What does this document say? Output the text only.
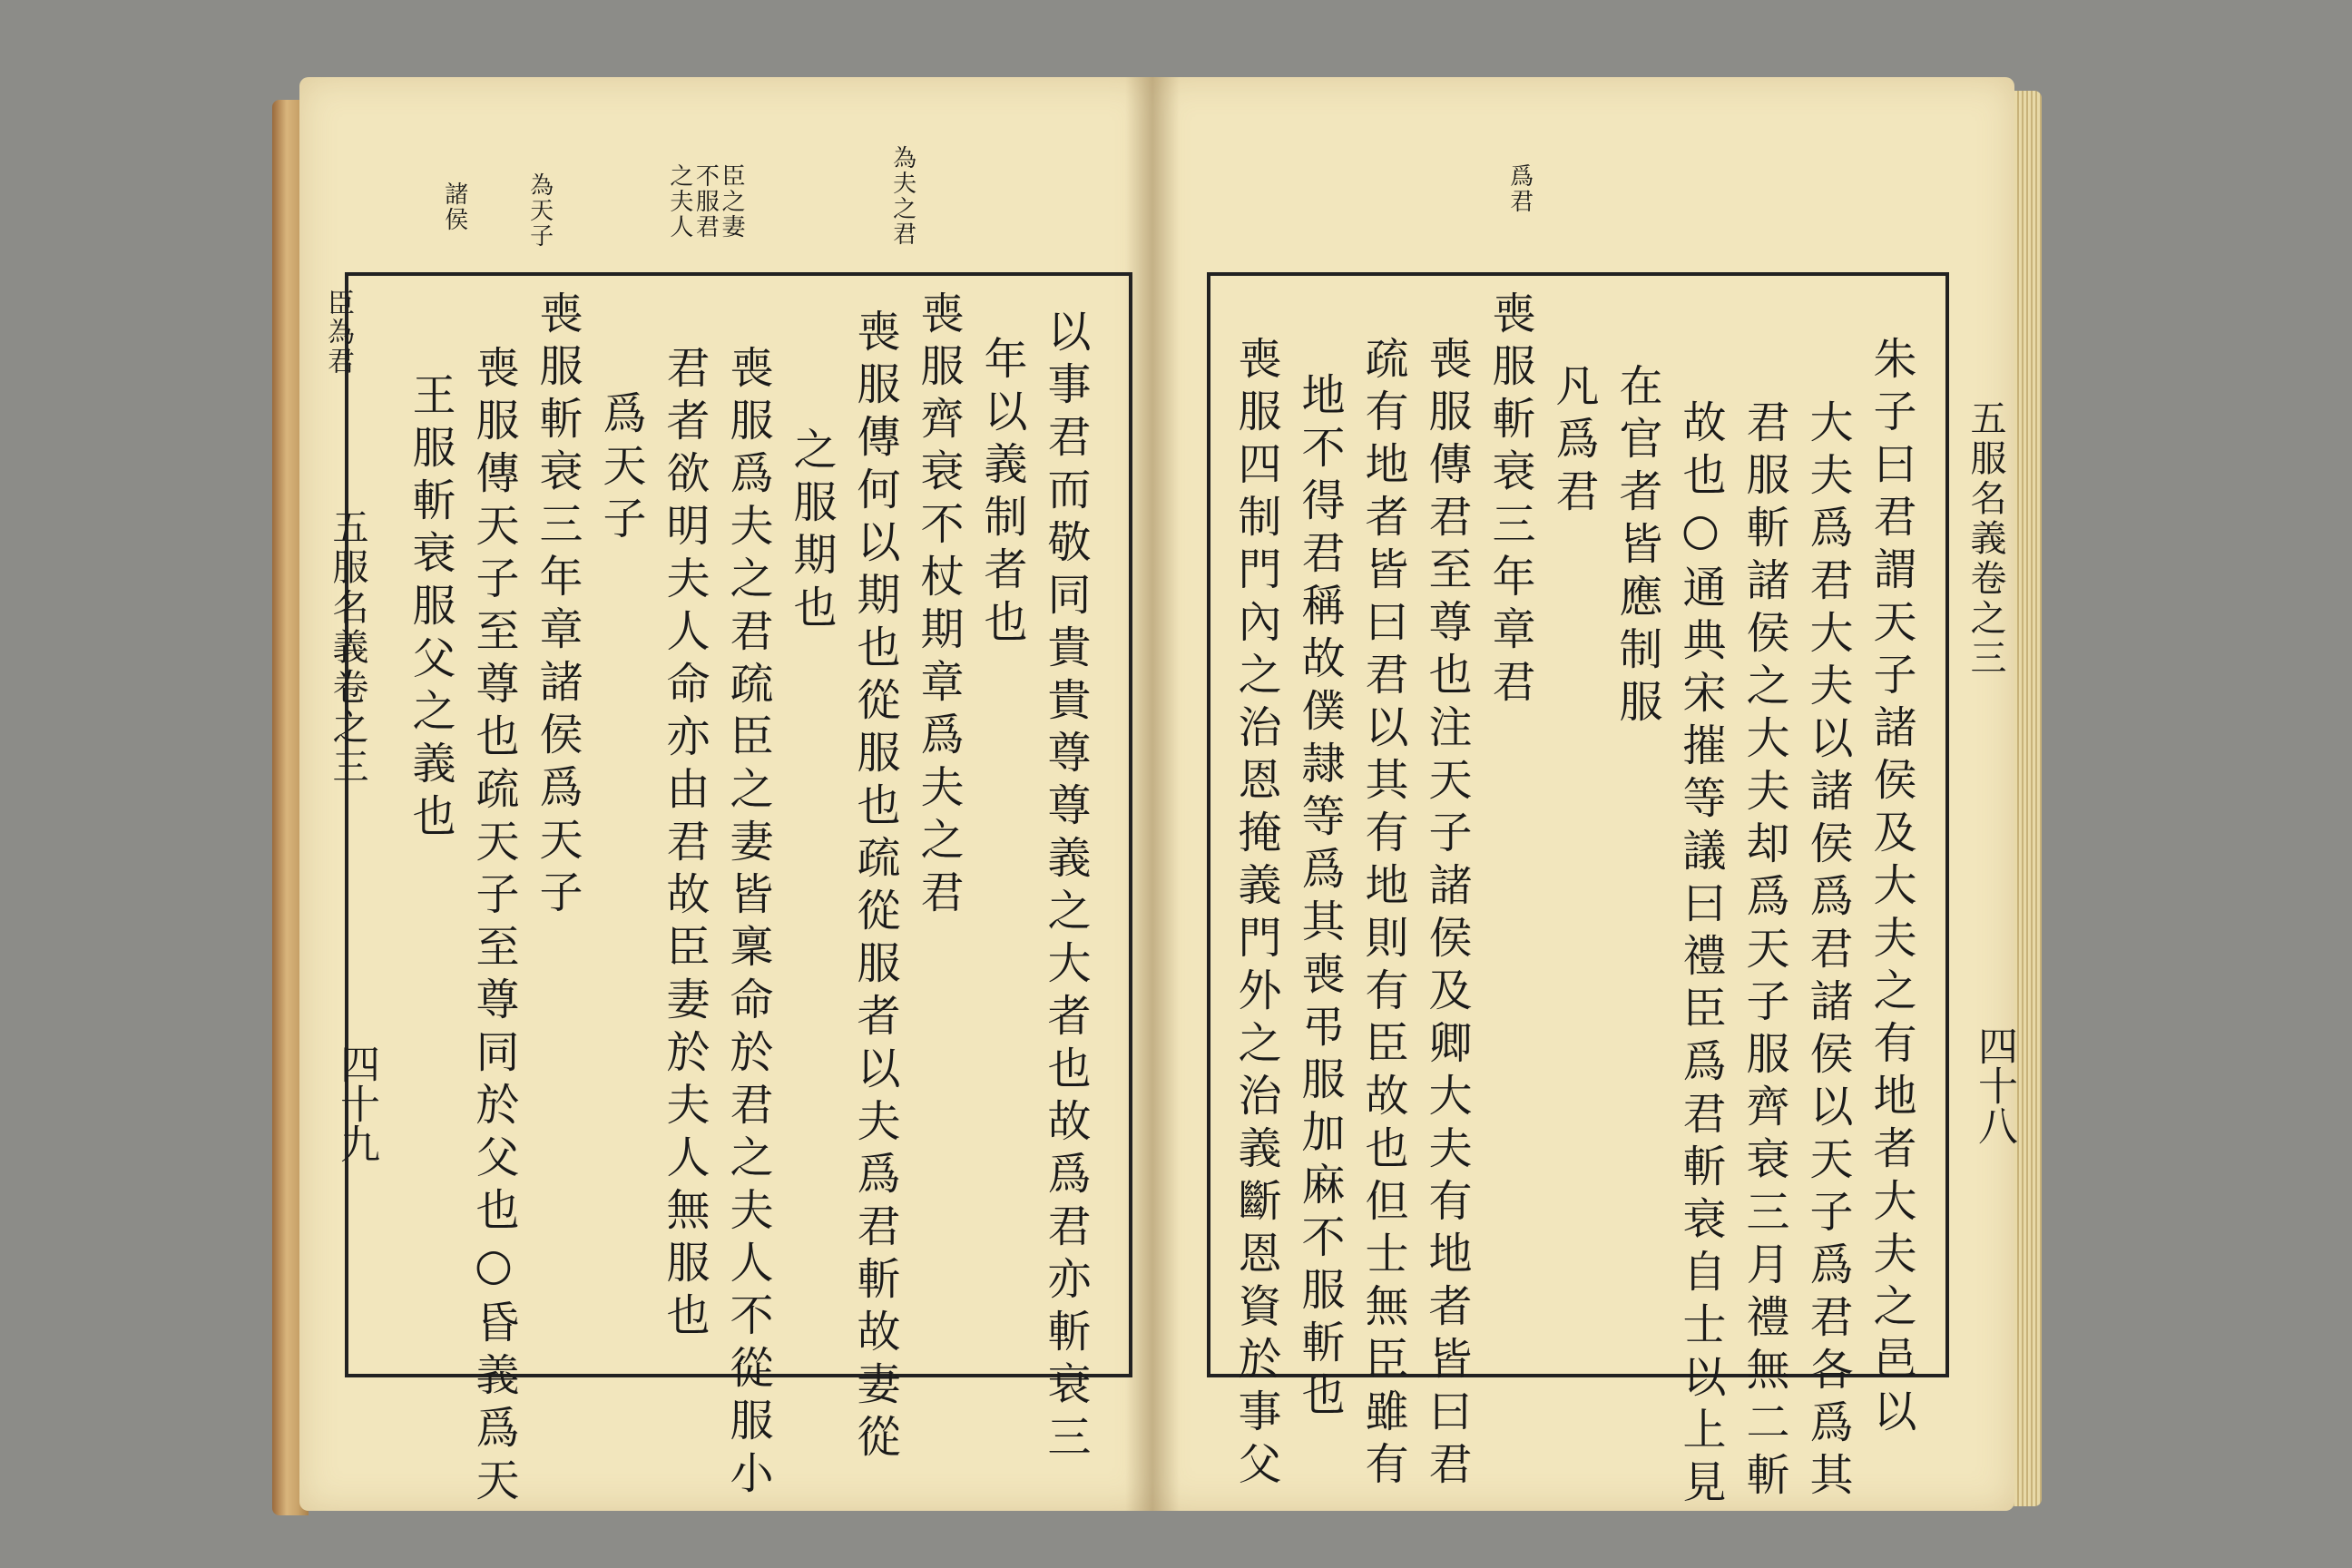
臣為君
諸侯 為天子	臣之妻不服君之夫人	為夫之君
以事君而敬同貴貴尊尊義之大者也故爲君亦斬衰三
年以義制者也
喪服齊衰不杖期章爲夫之君
喪服傳何以期也從服也疏從服者以夫爲君斬故妻從
之服期也
喪服爲夫之君疏臣之妻皆稟命於君之夫人不從服小
君者欲明夫人命亦由君故臣妻於夫人無服也
爲天子
喪服斬衰三年章諸侯爲天子
喪服傳天子至尊也疏天子至尊同於父也○昏義爲天
王服斬衰服父之義也
五服名義卷之三
四十九
爲君
朱子曰君謂天子諸侯及大夫之有地者大夫之邑以
大夫爲君大夫以諸侯爲君諸侯以天子爲君各爲其
君服斬諸侯之大夫却爲天子服齊衰三月禮無二斬
故也○通典宋摧等議曰禮臣爲君斬衰自士以上見
在官者皆應制服
凡爲君
喪服斬衰三年章君
喪服傳君至尊也注天子諸侯及卿大夫有地者皆曰君
疏有地者皆曰君以其有地則有臣故也但士無臣雖有
地不得君稱故僕隷等爲其喪弔服加麻不服斬也
喪服四制門內之治恩掩義門外之治義斷恩資於事父	五服名義卷之三
四十八
